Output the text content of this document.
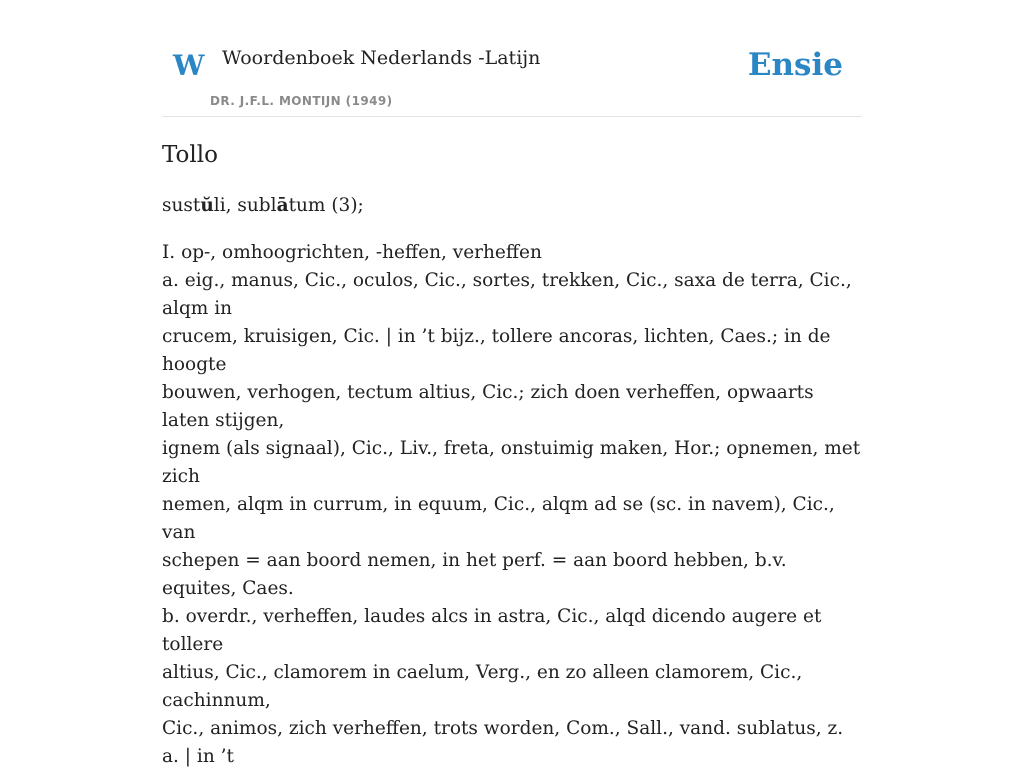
W Woordenboek Nederlands -Latijn
DR. J.F.L. MONTIJN (1949)
Ensie
Tollo
sustŭli, sublātum (3);

I. op-, omhoogrichten, -heffen, verheffen

a. eig., manus, Cic., oculos, Cic., sortes, trekken, Cic., saxa de terra, Cic., alqm in

crucem, kruisigen, Cic. | in ’t bijz., tollere ancoras, lichten, Caes.; in de hoogte

bouwen, verhogen, tectum altius, Cic.; zich doen verheffen, opwaarts laten stijgen,

ignem (als signaal), Cic., Liv., freta, onstuimig maken, Hor.; opnemen, met zich

nemen, alqm in currum, in equum, Cic., alqm ad se (sc. in navem), Cic., van

schepen = aan boord nemen, in het perf. = aan boord hebben, b.v. equites, Caes.

b. overdr., verheffen, laudes alcs in astra, Cic., alqd dicendo augere et tollere

altius, Cic., clamorem in caelum, Verg., en zo alleen clamorem, Cic., cachinnum,

Cic., animos, zich verheffen, trots worden, Com., Sall., vand. sublatus, z. a. | in ’t
